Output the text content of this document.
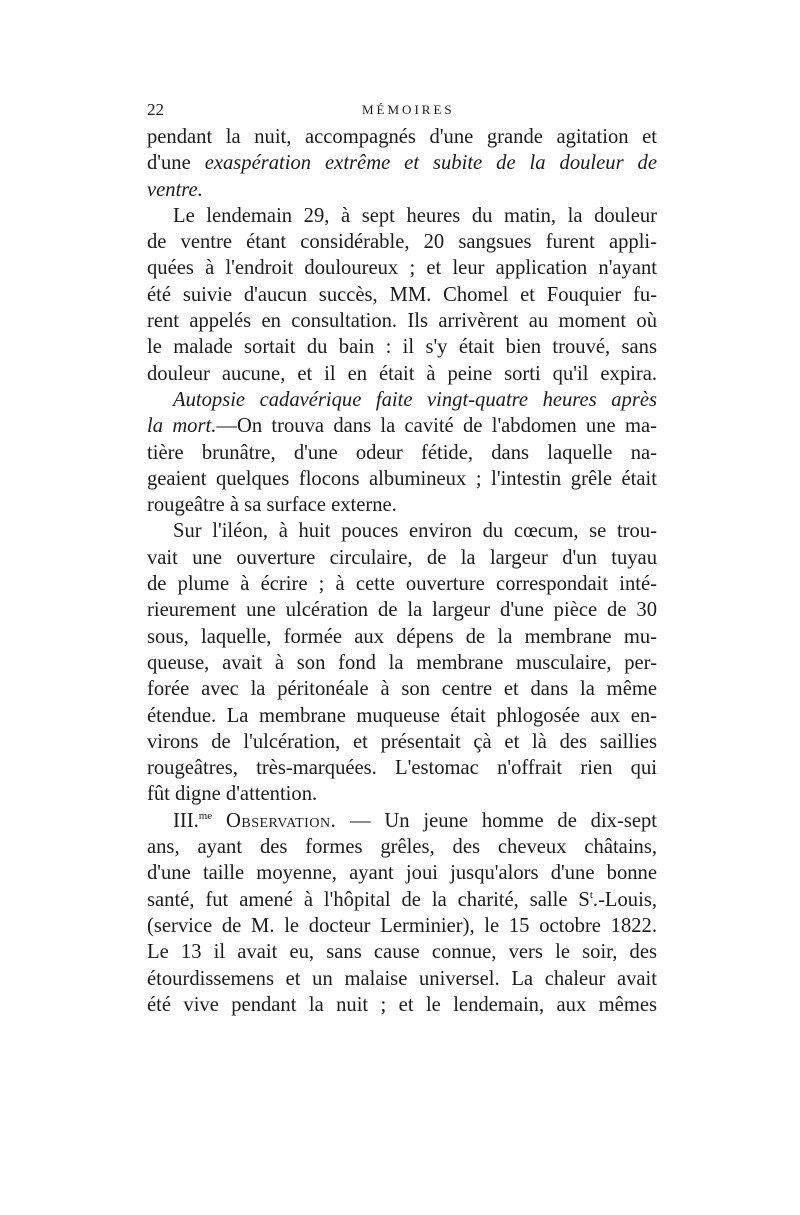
22	MÉMOIRES
pendant la nuit, accompagnés d'une grande agitation et
d'une exaspération extrême et subite de la douleur de
ventre.
Le lendemain 29, à sept heures du matin, la douleur
de ventre étant considérable, 20 sangsues furent appli-
quées à l'endroit douloureux ; et leur application n'ayant
été suivie d'aucun succès, MM. Chomel et Fouquier fu-
rent appelés en consultation. Ils arrivèrent au moment où
le malade sortait du bain : il s'y était bien trouvé, sans
douleur aucune, et il en était à peine sorti qu'il expira.
Autopsie cadavérique faite vingt-quatre heures après
la mort.—On trouva dans la cavité de l'abdomen une ma-
tière brunâtre, d'une odeur fétide, dans laquelle na-
geaient quelques flocons albumineux ; l'intestin grêle était
rougeâtre à sa surface externe.
Sur l'iléon, à huit pouces environ du cœcum, se trou-
vait une ouverture circulaire, de la largeur d'un tuyau
de plume à écrire ; à cette ouverture correspondait inté-
rieurement une ulcération de la largeur d'une pièce de 30
sous, laquelle, formée aux dépens de la membrane mu-
queuse, avait à son fond la membrane musculaire, per-
forée avec la péritonéale à son centre et dans la même
étendue. La membrane muqueuse était phlogosée aux en-
virons de l'ulcération, et présentait çà et là des saillies
rougeâtres, très-marquées. L'estomac n'offrait rien qui
fût digne d'attention.
III.$^{me}$ Observation. — Un jeune homme de dix-sept
ans, ayant des formes grêles, des cheveux châtains,
d'une taille moyenne, ayant joui jusqu'alors d'une bonne
santé, fut amené à l'hôpital de la charité, salle $S^t$.-Louis,
(service de M. le docteur Lerminier), le 15 octobre 1822.
Le 13 il avait eu, sans cause connue, vers le soir, des
étourdissemens et un malaise universel. La chaleur avait
été vive pendant la nuit ; et le lendemain, aux mêmes
